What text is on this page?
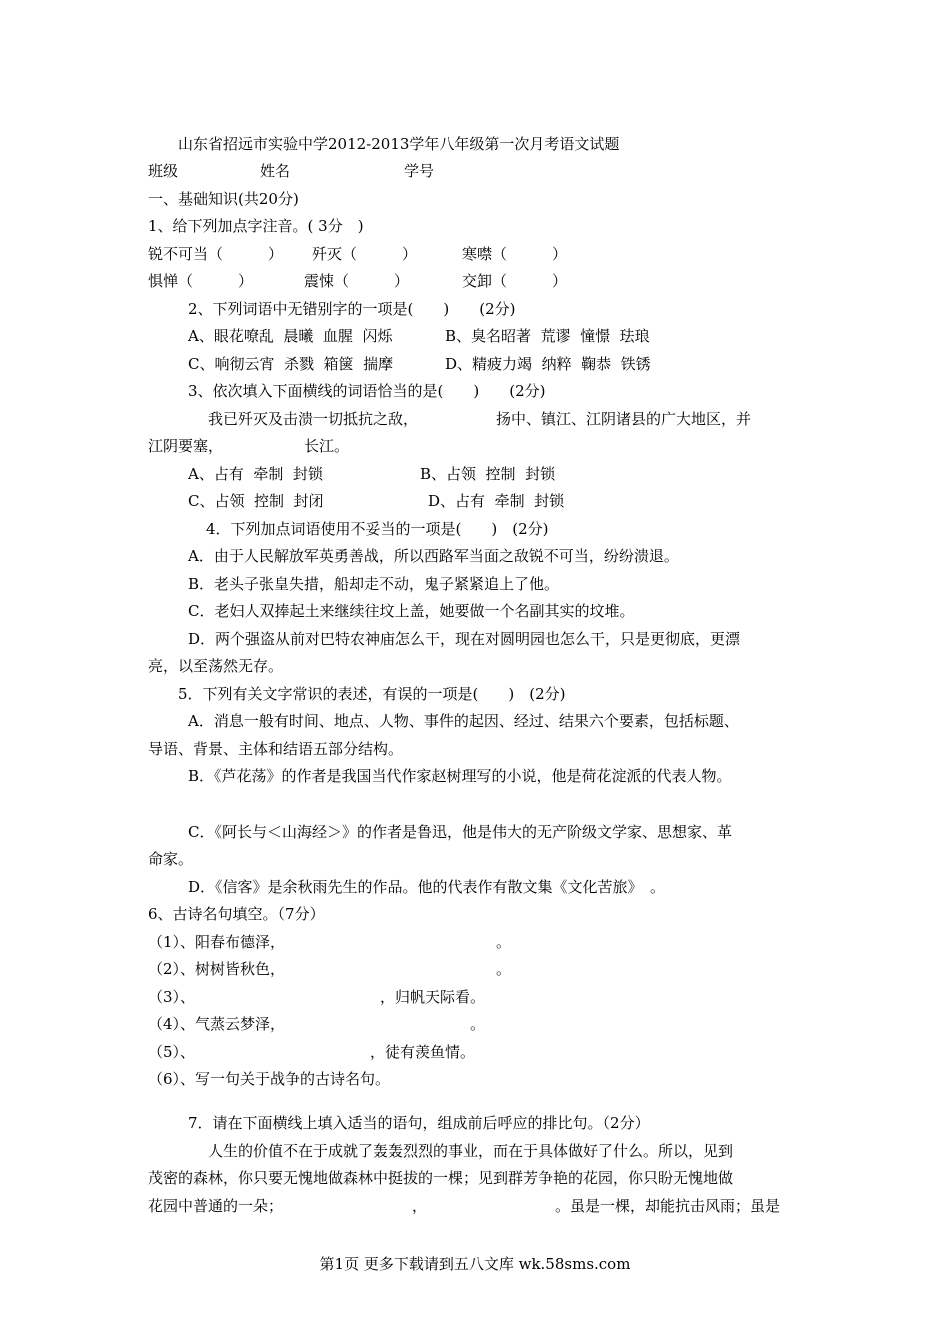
山东省招远市实验中学2012-2013学年八年级第一次月考语文试题
班级	姓名	学号
一、基础知识(共20分)
1、给下列加点字注音。( 3分　)
锐不可当（　　　） 歼灭（　　　）	寒噤（　　　）
惧惮（　　　）	震悚（　　　）	交卸（　　　）
2、下列词语中无错别字的一项是(　　)　　(2分)
A、眼花嘹乱  晨曦  血腥  闪烁	B、臭名昭著  荒谬  憧憬  珐琅
C、响彻云宵  杀戮  箱箧  揣摩	D、精疲力竭  纳粹  鞠恭  铁锈
3、依次填入下面横线的词语恰当的是(　　)　　(2分)
我已歼灭及击溃一切抵抗之敌，	扬中、镇江、江阴诸县的广大地区，并
江阴要塞，	长江。
A、占有  牵制  封锁	B、占领  控制  封锁
C、占领  控制  封闭	D、占有  牵制  封锁
4．下列加点词语使用不妥当的一项是(　　)　(2分)
A．由于人民解放军英勇善战，所以西路军当面之敌锐不可当，纷纷溃退。
B．老头子张皇失措，船却走不动，鬼子紧紧追上了他。
C．老妇人双捧起土来继续往坟上盖，她要做一个名副其实的坟堆。
D．两个强盗从前对巴特农神庙怎么干，现在对圆明园也怎么干，只是更彻底，更漂
亮，以至荡然无存。
5．下列有关文字常识的表述，有误的一项是(　　)　(2分)
A．消息一般有时间、地点、人物、事件的起因、经过、结果六个要素，包括标题、
导语、背景、主体和结语五部分结构。
B．《芦花荡》的作者是我国当代作家赵树理写的小说，他是荷花淀派的代表人物。
C．《阿长与＜山海经＞》的作者是鲁迅，他是伟大的无产阶级文学家、思想家、革
命家。
D．《信客》是余秋雨先生的作品。他的代表作有散文集《文化苦旅》　。
6、古诗名句填空。（7分）
（1）、阳春布德泽，	。
（2）、树树皆秋色，	。
（3）、	，归帆天际看。
（4）、气蒸云梦泽，	。
（5）、	，徒有羡鱼情。
（6）、写一句关于战争的古诗名句。
7．请在下面横线上填入适当的语句，组成前后呼应的排比句。（2分）
人生的价值不在于成就了轰轰烈烈的事业，而在于具体做好了什么。所以，见到
茂密的森林，你只要无愧地做森林中挺拔的一棵；见到群芳争艳的花园，你只盼无愧地做
花园中普通的一朵；	，	。虽是一棵，却能抗击风雨；虽是
第1页 更多下载请到五八文库 wk.58sms.com
